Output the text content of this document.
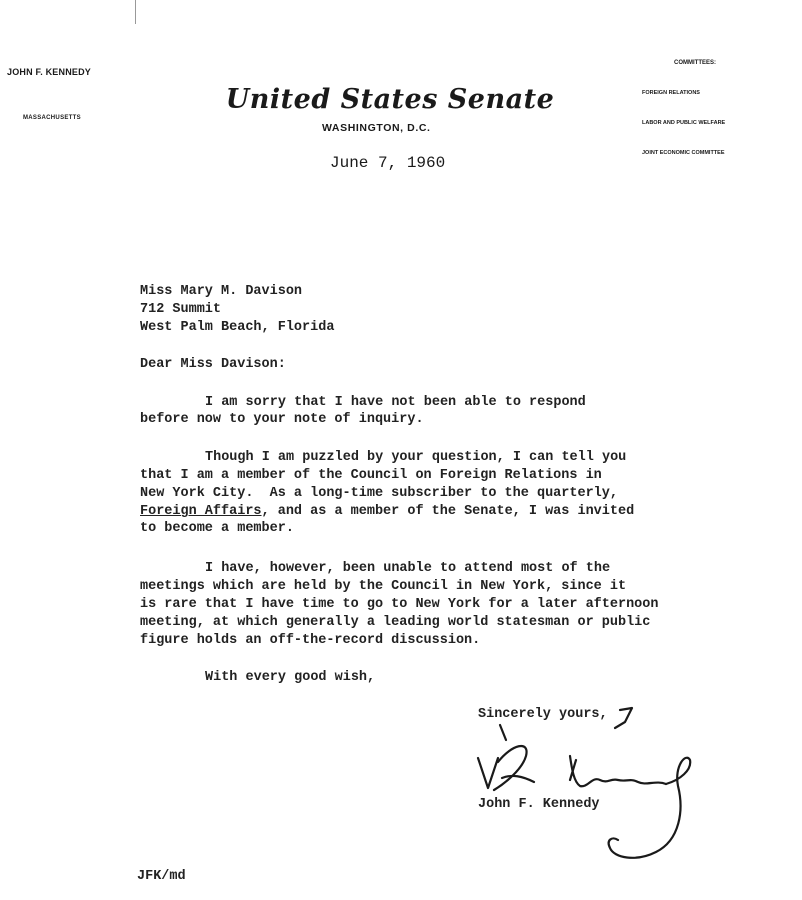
JOHN F. KENNEDY

MASSACHUSETTS

COMMITTEES:

FOREIGN RELATIONS

LABOR AND PUBLIC WELFARE

JOINT ECONOMIC COMMITTEE

United States Senate
WASHINGTON, D.C.
June 7, 1960
Miss Mary M. Davison
712 Summit
West Palm Beach, Florida
Dear Miss Davison:
I am sorry that I have not been able to respond
before now to your note of inquiry.
Though I am puzzled by your question, I can tell you
that I am a member of the Council on Foreign Relations in
New York City.  As a long-time subscriber to the quarterly,
Foreign Affairs, and as a member of the Senate, I was invited
to become a member.
I have, however, been unable to attend most of the
meetings which are held by the Council in New York, since it
is rare that I have time to go to New York for a later afternoon
meeting, at which generally a leading world statesman or public
figure holds an off-the-record discussion.
With every good wish,
Sincerely yours,
John F. Kennedy
JFK/md
